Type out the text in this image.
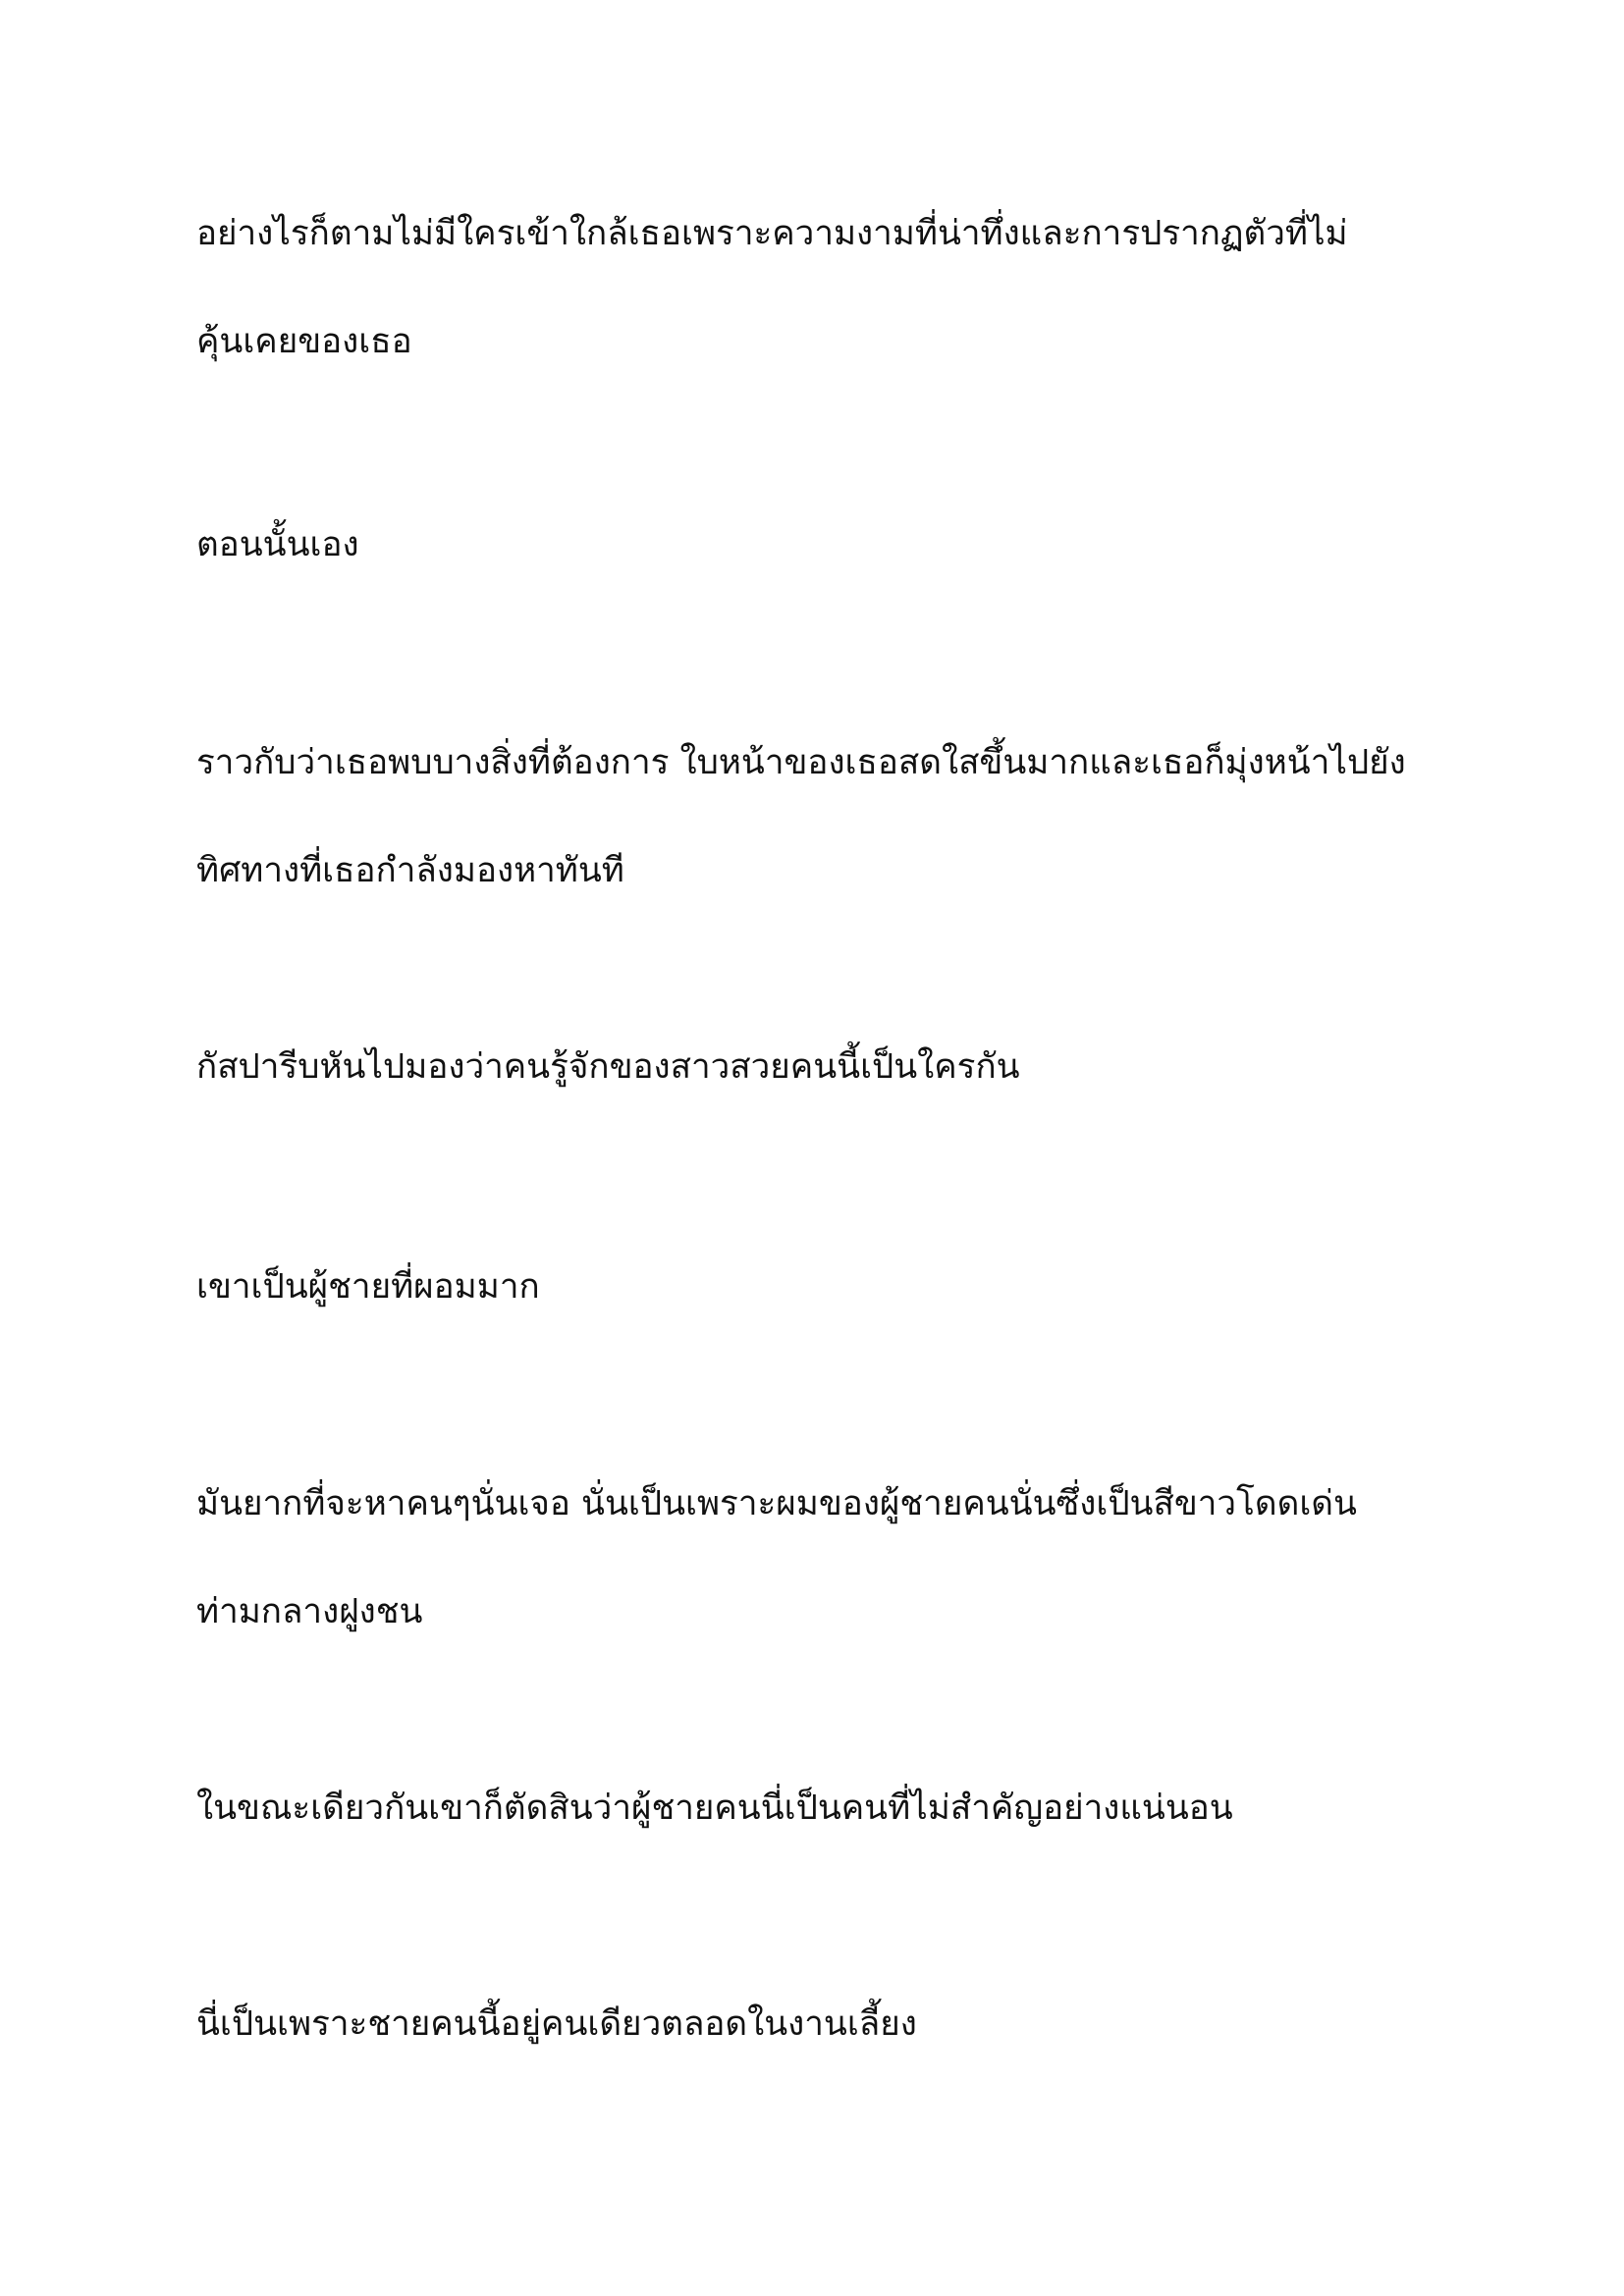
อย่างไรก็ตามไม่มีใครเข้าใกล้เธอเพราะความงามที่น่าทึ่งและการปรากฏตัวที่ไม่
คุ้นเคยของเธอ

ตอนนั้นเอง

ราวกับว่าเธอพบบางสิ่งที่ต้องการ ใบหน้าของเธอสดใสขึ้นมากและเธอก็มุ่งหน้าไปยัง
ทิศทางที่เธอกำลังมองหาทันที

กัสปารีบหันไปมองว่าคนรู้จักของสาวสวยคนนี้เป็นใครกัน

เขาเป็นผู้ชายที่ผอมมาก

มันยากที่จะหาคนๆนั่นเจอ นั่นเป็นเพราะผมของผู้ชายคนนั่นซึ่งเป็นสีขาวโดดเด่น
ท่ามกลางฝูงชน

ในขณะเดียวกันเขาก็ตัดสินว่าผู้ชายคนนี่เป็นคนที่ไม่สำคัญอย่างแน่นอน

นี่เป็นเพราะชายคนนี้อยู่คนเดียวตลอดในงานเลี้ยง
